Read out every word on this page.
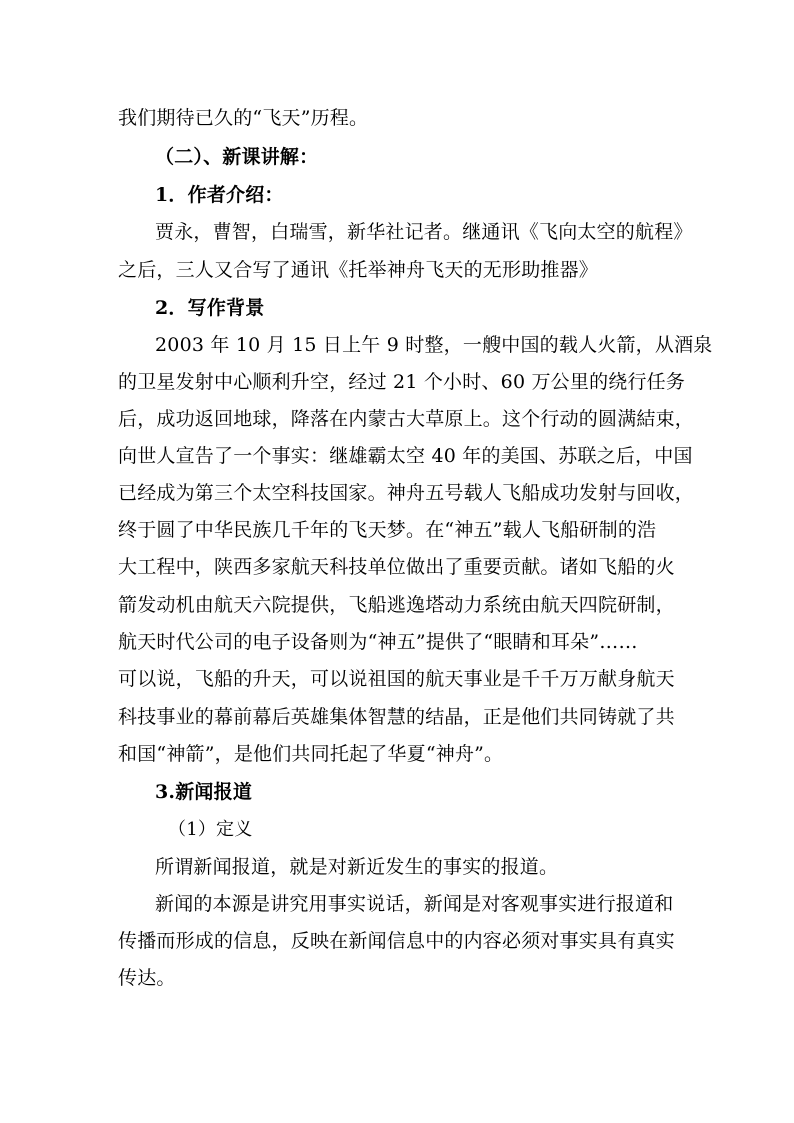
我们期待已久的“飞天”历程。
（二）、新课讲解：
1．作者介绍：
贾永，曹智，白瑞雪，新华社记者。继通讯《飞向太空的航程》
之后，三人又合写了通讯《托举神舟飞天的无形助推器》
2．写作背景
2003 年 10 月 15 日上午 9 时整，一艘中国的载人火箭，从酒泉
的卫星发射中心顺利升空，经过 21 个小时、60 万公里的绕行任务
后，成功返回地球，降落在内蒙古大草原上。这个行动的圆满結束，
向世人宣告了一个事实：继雄霸太空 40 年的美国、苏联之后，中国
已经成为第三个太空科技国家。神舟五号载人飞船成功发射与回收，
终于圆了中华民族几千年的飞天梦。在“神五”载人飞船研制的浩
大工程中，陕西多家航天科技单位做出了重要贡献。诸如飞船的火
箭发动机由航天六院提供，飞船逃逸塔动力系统由航天四院研制，
航天时代公司的电子设备则为“神五”提供了“眼睛和耳朵”……
可以说，飞船的升天，可以说祖国的航天事业是千千万万献身航天
科技事业的幕前幕后英雄集体智慧的结晶，正是他们共同铸就了共
和国“神箭”，是他们共同托起了华夏“神舟”。
3.新闻报道
（1）定义
所谓新闻报道，就是对新近发生的事实的报道。
新闻的本源是讲究用事实说话，新闻是对客观事实进行报道和
传播而形成的信息，反映在新闻信息中的内容必须对事实具有真实
传达。
